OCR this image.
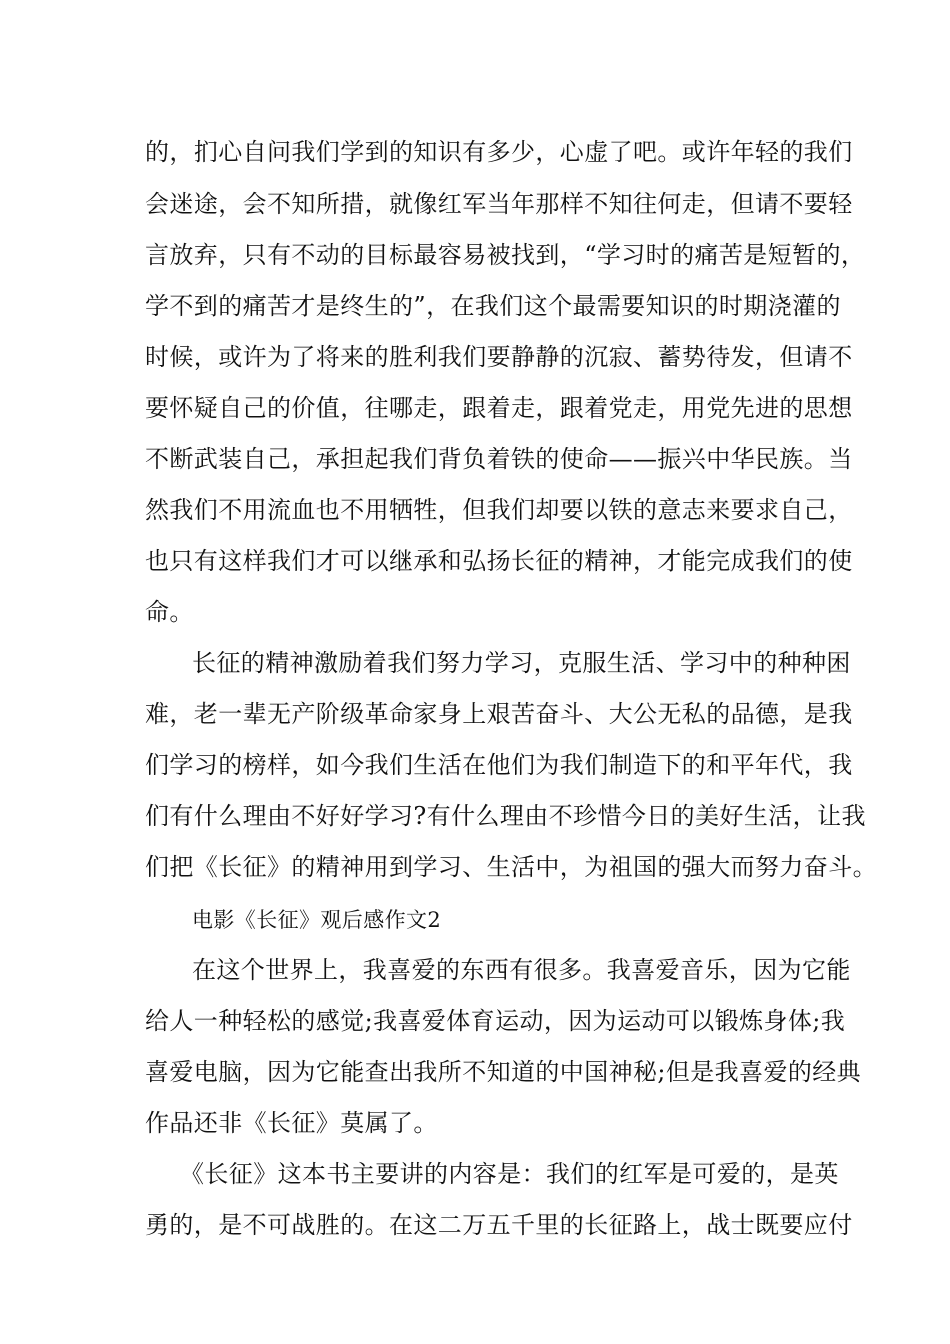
的，扪心自问我们学到的知识有多少，心虚了吧。或许年轻的我们
会迷途，会不知所措，就像红军当年那样不知往何走，但请不要轻
言放弃，只有不动的目标最容易被找到，“学习时的痛苦是短暂的，
学不到的痛苦才是终生的”，在我们这个最需要知识的时期浇灌的
时候，或许为了将来的胜利我们要静静的沉寂、蓄势待发，但请不
要怀疑自己的价值，往哪走，跟着走，跟着党走，用党先进的思想
不断武装自己，承担起我们背负着铁的使命——振兴中华民族。当
然我们不用流血也不用牺牲，但我们却要以铁的意志来要求自己，
也只有这样我们才可以继承和弘扬长征的精神，才能完成我们的使
命。
长征的精神激励着我们努力学习，克服生活、学习中的种种困
难，老一辈无产阶级革命家身上艰苦奋斗、大公无私的品德，是我
们学习的榜样，如今我们生活在他们为我们制造下的和平年代，我
们有什么理由不好好学习?有什么理由不珍惜今日的美好生活，让我
们把《长征》的精神用到学习、生活中，为祖国的强大而努力奋斗。
电影《长征》观后感作文2
在这个世界上，我喜爱的东西有很多。我喜爱音乐，因为它能
给人一种轻松的感觉;我喜爱体育运动，因为运动可以锻炼身体;我
喜爱电脑，因为它能查出我所不知道的中国神秘;但是我喜爱的经典
作品还非《长征》莫属了。
《长征》这本书主要讲的内容是：我们的红军是可爱的，是英
勇的，是不可战胜的。在这二万五千里的长征路上，战士既要应付
